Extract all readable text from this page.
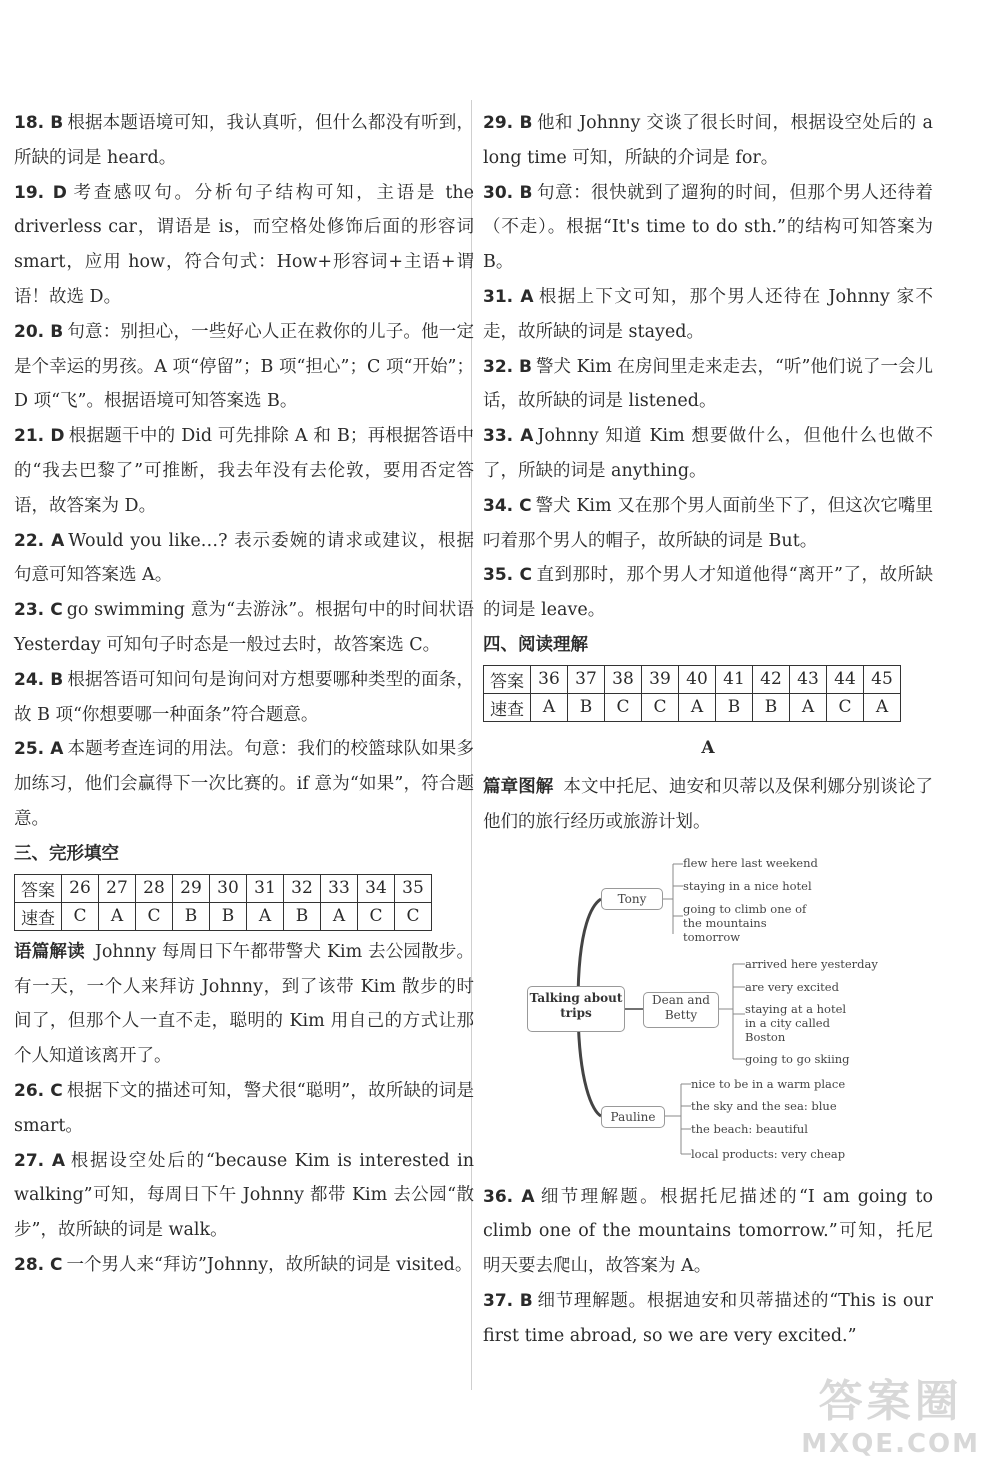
18. B 根据本题语境可知，我认真听，但什么都没有听到，所缺的词是 heard。

19. D 考查感叹句。分析句子结构可知，主语是 the driverless car，谓语是 is，而空格处修饰后面的形容词 smart，应用 how，符合句式：How+形容词+主语+谓语！故选 D。

20. B 句意：别担心，一些好心人正在救你的儿子。他一定是个幸运的男孩。A 项“停留”；B 项“担心”；C 项“开始”；D 项“飞”。根据语境可知答案选 B。

21. D 根据题干中的 Did 可先排除 A 和 B；再根据答语中的“我去巴黎了”可推断，我去年没有去伦敦，要用否定答语，故答案为 D。

22. A Would you like…? 表示委婉的请求或建议，根据句意可知答案选 A。

23. C go swimming 意为“去游泳”。根据句中的时间状语 Yesterday 可知句子时态是一般过去时，故答案选 C。

24. B 根据答语可知问句是询问对方想要哪种类型的面条，故 B 项“你想要哪一种面条”符合题意。

25. A 本题考查连词的用法。句意：我们的校篮球队如果多加练习，他们会赢得下一次比赛的。if 意为“如果”，符合题意。

三、完形填空

答案	26	27	28	29	30	31	32	33	34	35
速查	C	A	C	B	B	A	B	A	C	C

语篇解读 Johnny 每周日下午都带警犬 Kim 去公园散步。有一天，一个人来拜访 Johnny，到了该带 Kim 散步的时间了，但那个人一直不走，聪明的 Kim 用自己的方式让那个人知道该离开了。

26. C 根据下文的描述可知，警犬很“聪明”，故所缺的词是 smart。

27. A 根据设空处后的“because Kim is interested in walking”可知，每周日下午 Johnny 都带 Kim 去公园“散步”，故所缺的词是 walk。

28. C 一个男人来“拜访”Johnny，故所缺的词是 visited。

29. B 他和 Johnny 交谈了很长时间，根据设空处后的 a long time 可知，所缺的介词是 for。

30. B 句意：很快就到了遛狗的时间，但那个男人还待着（不走）。根据“It's time to do sth.”的结构可知答案为 B。

31. A 根据上下文可知，那个男人还待在 Johnny 家不走，故所缺的词是 stayed。

32. B 警犬 Kim 在房间里走来走去，“听”他们说了一会儿话，故所缺的词是 listened。

33. A Johnny 知道 Kim 想要做什么，但他什么也做不了，所缺的词是 anything。

34. C 警犬 Kim 又在那个男人面前坐下了，但这次它嘴里叼着那个男人的帽子，故所缺的词是 But。

35. C 直到那时，那个男人才知道他得“离开”了，故所缺的词是 leave。

四、阅读理解

答案	36	37	38	39	40	41	42	43	44	45
速查	A	B	C	C	A	B	B	A	C	A

A

篇章图解 本文中托尼、迪安和贝蒂以及保利娜分别谈论了他们的旅行经历或旅游计划。

Talking about trips
Tony
flew here last weekend
staying in a nice hotel
going to climb one of the mountains tomorrow
Dean and Betty
arrived here yesterday
are very excited
staying at a hotel in a city called Boston
going to go skiing
Pauline
nice to be in a warm place
the sky and the sea: blue
the beach: beautiful
local products: very cheap

36. A 细节理解题。根据托尼描述的“I am going to climb one of the mountains tomorrow.”可知，托尼明天要去爬山，故答案为 A。

37. B 细节理解题。根据迪安和贝蒂描述的“This is our first time abroad, so we are very excited.”

答案圈
MXQE.COM
